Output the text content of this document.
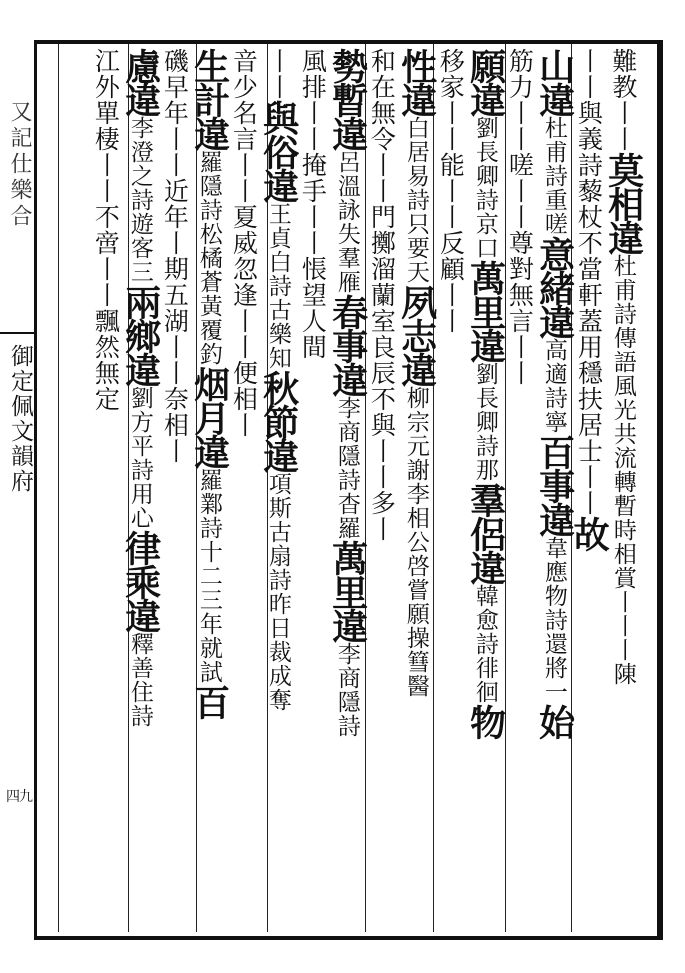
又記仕樂合
御定佩文韻府
四九
難教丨丨
莫相違
杜甫詩傳語風光共流轉暫時相賞丨丨丨陳
丨丨
與義詩藜杖不當軒蓋用穩扶居士丨丨
故
山違
杜甫詩重嗟
意緒違
高適詩寧
百事違
韋應物詩還將一
始
筋力丨丨
嗟丨丨
尊對無言丨丨
願違
劉長卿詩京口
萬里違
劉長卿詩那
羣侶違
韓愈詩徘徊
物
移家丨丨
能丨丨
反顧丨丨
性違
白居易詩只要天
夙志違
柳宗元謝李相公啓嘗願操篲醫
和在無令丨丨
門擲溜蘭室良辰不與丨丨多丨
勢暫違
呂溫詠失羣雁
春事違
李商隱詩杳羅
萬里違
李商隱詩
風排丨丨
掩手丨丨
悵望人間
丨丨
與俗違
王貞白詩古樂知
秋節違
項斯古扇詩昨日裁成奪
音少名言丨丨
夏威忽逢丨丨便相丨
生計違
羅隱詩松橘蒼黃覆釣
烟月違
羅鄴詩十二三年就試
百
磯早年丨丨近年丨
期五湖丨丨奈相丨
慮違
李澄之詩遊客三
兩鄉違
劉方平詩用心
律乘違
釋善住詩
江外單棲丨丨
不啻丨丨
飄然無定
